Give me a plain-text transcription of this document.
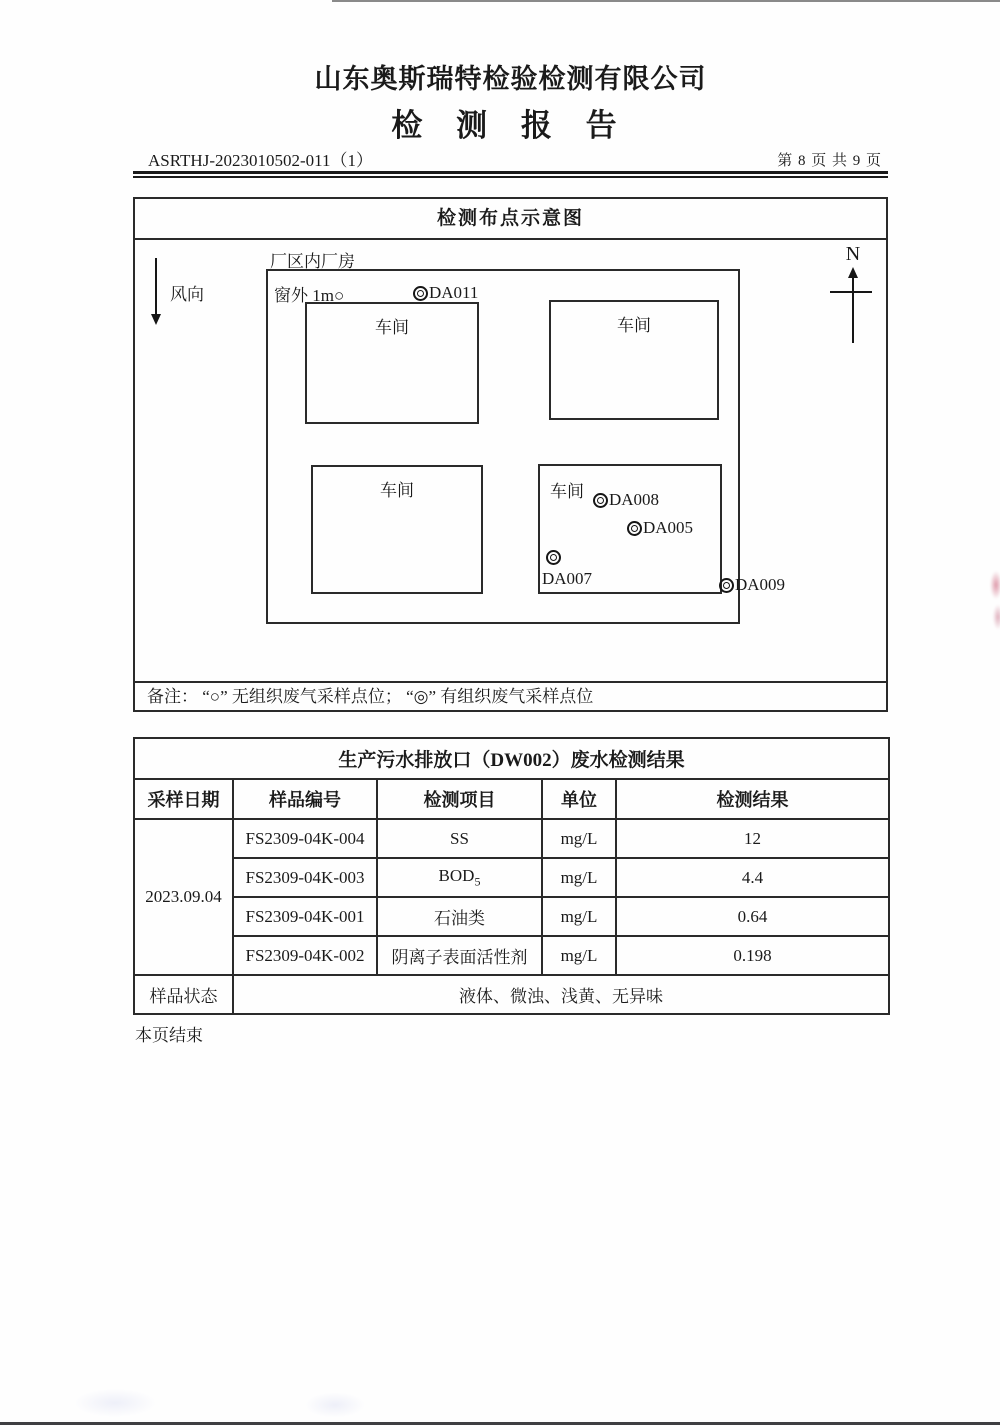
山东奥斯瑞特检验检测有限公司
检 测 报 告
ASRTHJ-2023010502-011（1）	第 8 页 共 9 页
检测布点示意图
风向
N
厂区内厂房
窗外 1m○	DA011
车间	车间
车间	车间	DA008
DA005
DA007	DA009
备注： “○” 无组织废气采样点位； “◎” 有组织废气采样点位
生产污水排放口（DW002）废水检测结果				
采样日期	样品编号	检测项目	单位	检测结果
2023.09.04	FS2309-04K-004	SS	mg/L	12
	FS2309-04K-003	$BOD_5$	mg/L	4.4
	FS2309-04K-001	石油类	mg/L	0.64
	FS2309-04K-002	阴离子表面活性剂	mg/L	0.198
样品状态	液体、微浊、浅黄、无异味			
本页结束
